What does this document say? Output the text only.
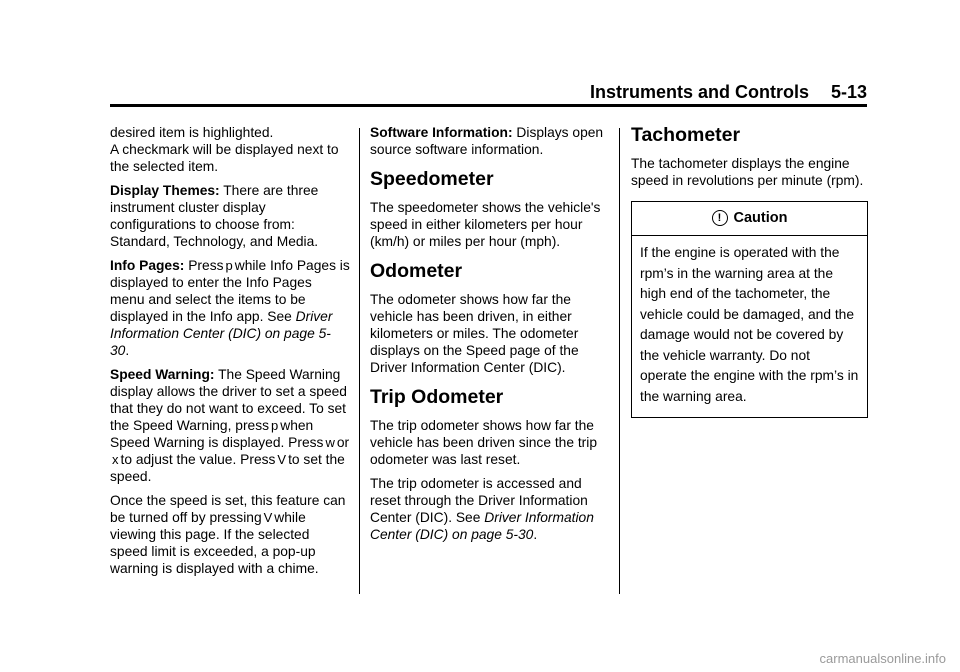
Instruments and Controls 5-13

desired item is highlighted.

A checkmark will be displayed next to the selected item.

Display Themes: There are three instrument cluster display configurations to choose from: Standard, Technology, and Media.

Info Pages: Press p while Info Pages is displayed to enter the Info Pages menu and select the items to be displayed in the Info app. See Driver Information Center (DIC) on page 5-30.

Speed Warning: The Speed Warning display allows the driver to set a speed that they do not want to exceed. To set the Speed Warning, press p when Speed Warning is displayed. Press w orx to adjust the value. Press V to set the speed.

Once the speed is set, this feature can be turned off by pressing V while viewing this page. If the selected speed limit is exceeded, a pop-up warning is displayed with a chime.

Software Information: Displays open source software information.

Speedometer

The speedometer shows the vehicle's speed in either kilometers per hour (km/h) or miles per hour (mph).

Odometer

The odometer shows how far the vehicle has been driven, in either kilometers or miles. The odometer displays on the Speed page of the Driver Information Center (DIC).

Trip Odometer

The trip odometer shows how far the vehicle has been driven since the trip odometer was last reset.

The trip odometer is accessed and reset through the Driver Information Center (DIC). See Driver Information Center (DIC) on page 5-30.

Tachometer

The tachometer displays the engine speed in revolutions per minute (rpm).

! Caution
If the engine is operated with the rpm’s in the warning area at the high end of the tachometer, the vehicle could be damaged, and the damage would not be covered by the vehicle warranty. Do not operate the engine with the rpm’s in the warning area.
carmanualsonline.info
